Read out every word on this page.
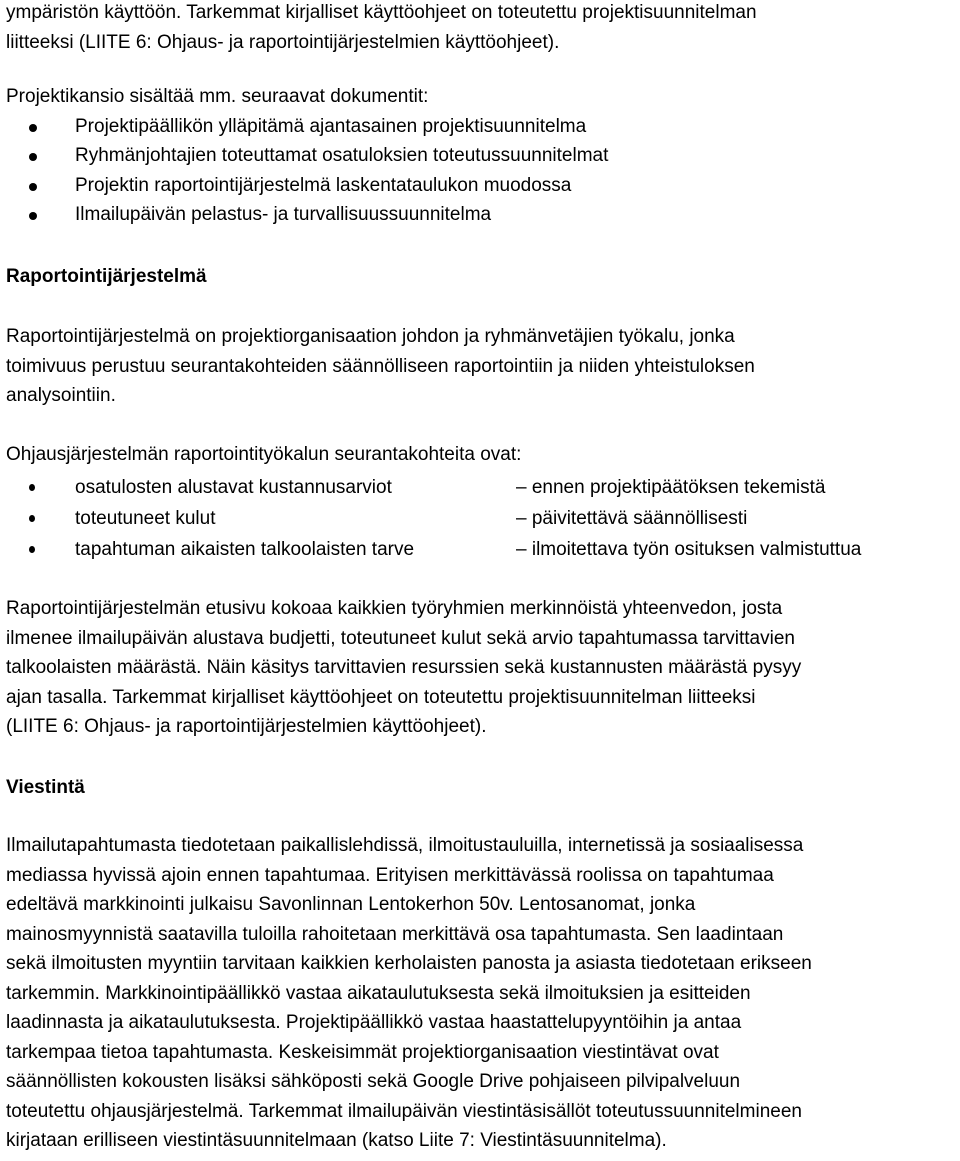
ympäristön käyttöön. Tarkemmat kirjalliset käyttöohjeet on toteutettu projektisuunnitelman

liitteeksi (LIITE 6: Ohjaus- ja raportointijärjestelmien käyttöohjeet).

Projektikansio sisältää mm. seuraavat dokumentit:

Projektipäällikön ylläpitämä ajantasainen projektisuunnitelma
Ryhmänjohtajien toteuttamat osatuloksien toteutussuunnitelmat
Projektin raportointijärjestelmä laskentataulukon muodossa
Ilmailupäivän pelastus- ja turvallisuussuunnitelma
Raportointijärjestelmä

Raportointijärjestelmä on projektiorganisaation johdon ja ryhmänvetäjien työkalu, jonka

toimivuus perustuu seurantakohteiden säännölliseen raportointiin ja niiden yhteistuloksen

analysointiin.

Ohjausjärjestelmän raportointityökalun seurantakohteita ovat:

osatulosten alustavat kustannusarviot	– ennen projektipäätöksen tekemistä
toteutuneet kulut	– päivitettävä säännöllisesti
tapahtuman aikaisten talkoolaisten tarve	– ilmoitettava työn osituksen valmistuttua

Raportointijärjestelmän etusivu kokoaa kaikkien työryhmien merkinnöistä yhteenvedon, josta

ilmenee ilmailupäivän alustava budjetti, toteutuneet kulut sekä arvio tapahtumassa tarvittavien

talkoolaisten määrästä. Näin käsitys tarvittavien resurssien sekä kustannusten määrästä pysyy

ajan tasalla. Tarkemmat kirjalliset käyttöohjeet on toteutettu projektisuunnitelman liitteeksi

(LIITE 6: Ohjaus- ja raportointijärjestelmien käyttöohjeet).

Viestintä

Ilmailutapahtumasta tiedotetaan paikallislehdissä, ilmoitustauluilla, internetissä ja sosiaalisessa

mediassa hyvissä ajoin ennen tapahtumaa. Erityisen merkittävässä roolissa on tapahtumaa

edeltävä markkinointi julkaisu Savonlinnan Lentokerhon 50v. Lentosanomat, jonka

mainosmyynnistä saatavilla tuloilla rahoitetaan merkittävä osa tapahtumasta. Sen laadintaan

sekä ilmoitusten myyntiin tarvitaan kaikkien kerholaisten panosta ja asiasta tiedotetaan erikseen

tarkemmin. Markkinointipäällikkö vastaa aikataulutuksesta sekä ilmoituksien ja esitteiden

laadinnasta ja aikataulutuksesta. Projektipäällikkö vastaa haastattelupyyntöihin ja antaa

tarkempaa tietoa tapahtumasta. Keskeisimmät projektiorganisaation viestintävat ovat

säännöllisten kokousten lisäksi sähköposti sekä Google Drive pohjaiseen pilvipalveluun

toteutettu ohjausjärjestelmä. Tarkemmat ilmailupäivän viestintäsisällöt toteutussuunnitelmineen

kirjataan erilliseen viestintäsuunnitelmaan (katso Liite 7: Viestintäsuunnitelma).
